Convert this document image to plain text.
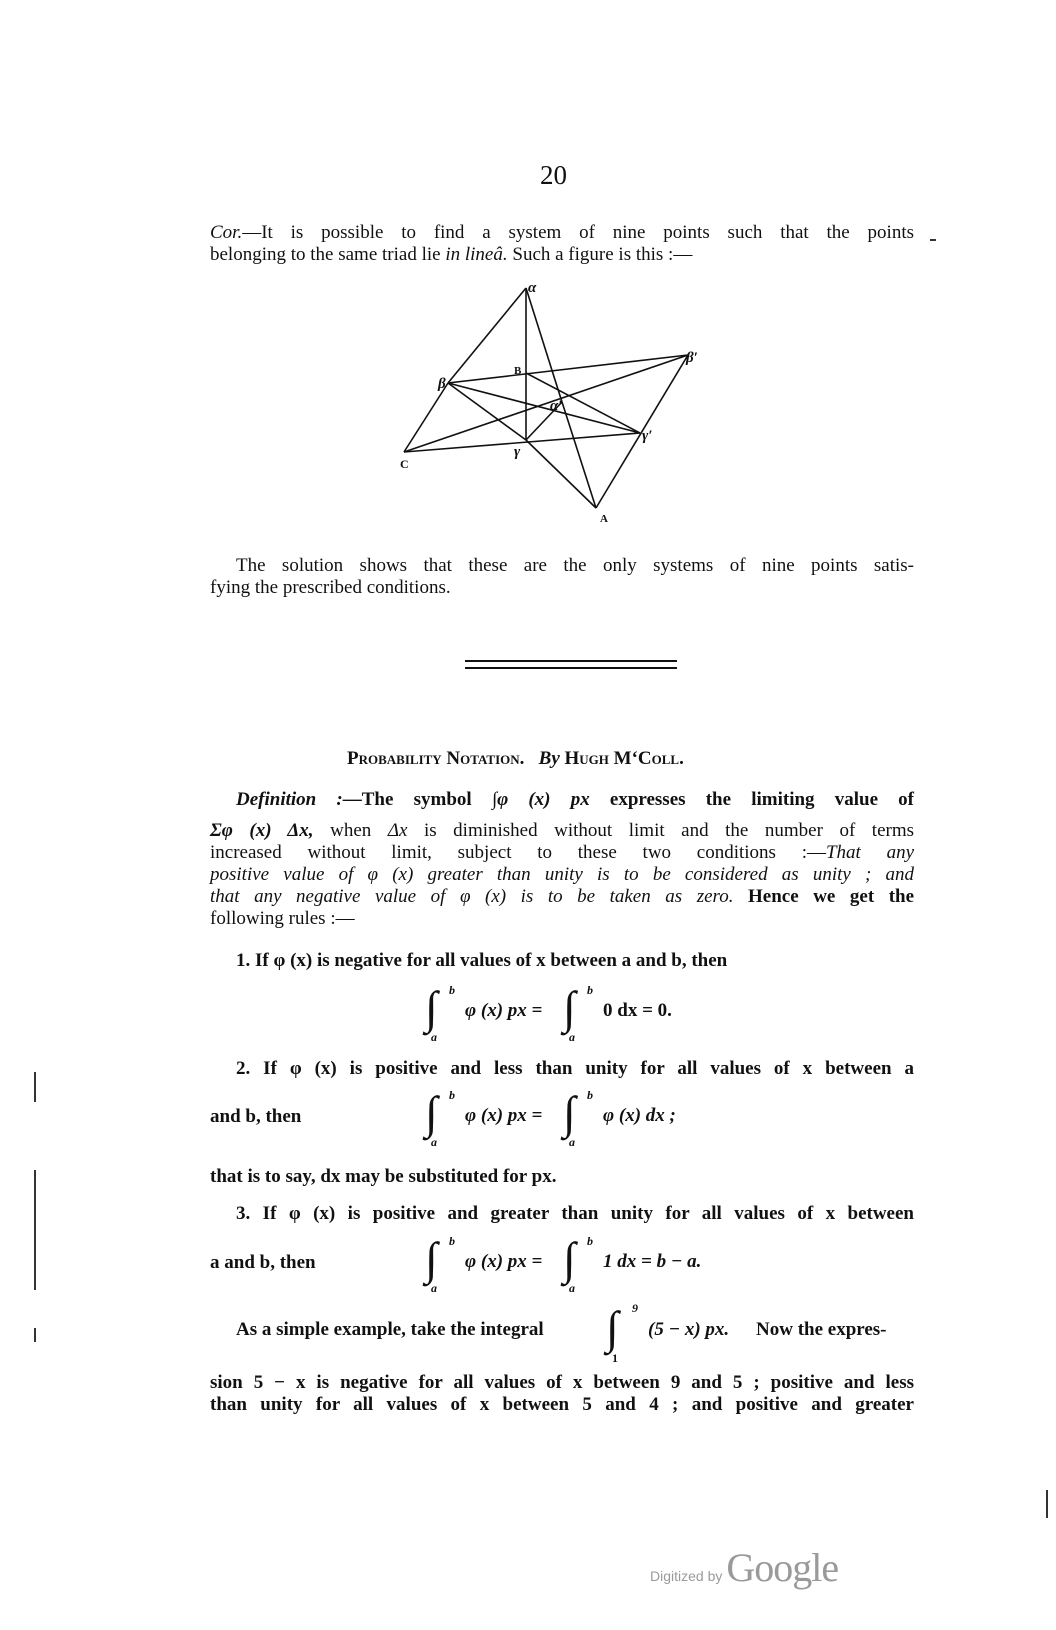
20
Cor.—It is possible to find a system of nine points such that the points
belonging to the same triad lie in lineâ. Such a figure is this :—
α
β′
B
β
α′
γ′
C
γ
A
The solution shows that these are the only systems of nine points satis-
fying the prescribed conditions.
Probability Notation. By Hugh M‘Coll.
Definition :—The symbol ∫φ (x) px expresses the limiting value of
Σφ (x) Δx, when Δx is diminished without limit and the number of terms
increased without limit, subject to these two conditions :—That any
positive value of φ (x) greater than unity is to be considered as unity ; and
that any negative value of φ (x) is to be taken as zero. Hence we get the
following rules :—
1. If φ (x) is negative for all values of x between a and b, then
∫ b
a
φ (x) px = ∫ b
a
0 dx = 0.
2. If φ (x) is positive and less than unity for all values of x between a
and b, then	∫ b
a
φ (x) px = ∫ b
a
φ (x) dx ;
that is to say, dx may be substituted for px.
3. If φ (x) is positive and greater than unity for all values of x between
a and b, then ∫ b
a
φ (x) px = ∫ b
a
1 dx = b − a.
As a simple example, take the integral ∫ 9
1
(5 − x) px. Now the expres-
sion 5 − x is negative for all values of x between 9 and 5 ; positive and less
than unity for all values of x between 5 and 4 ; and positive and greater
Digitized by Google
